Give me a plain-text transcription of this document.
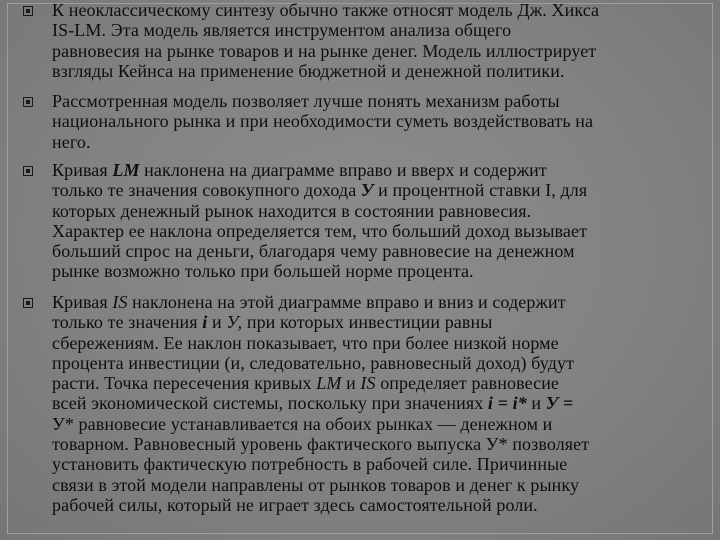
К неоклассическому синтезу обычно также относят модель Дж. Хикса
IS-LM. Эта модель является инструментом анализа общего
равновесия на рынке товаров и на рынке денег. Модель иллюстрирует
взгляды Кейнса на применение бюджетной и денежной политики.
Рассмотренная модель позволяет лучше понять механизм работы
национального рынка и при необходимости суметь воздействовать на
него.
Кривая LM наклонена на диаграмме вправо и вверх и содержит
только те значения совокупного дохода У и процентной ставки I, для
которых денежный рынок находится в состоянии равновесия.
Характер ее наклона определяется тем, что больший доход вызывает
больший спрос на деньги, благодаря чему равновесие на денежном
рынке возможно только при большей норме процента.
Кривая IS наклонена на этой диаграмме вправо и вниз и содержит
только те значения i и У, при которых инвестиции равны
сбережениям. Ее наклон показывает, что при более низкой норме
процента инвестиции (и, следовательно, равновесный доход) будут
расти. Точка пересечения кривых LM и IS определяет равновесие
всей экономической системы, поскольку при значениях i = i* и У =
У* равновесие устанавливается на обоих рынках — денежном и
товарном. Равновесный уровень фактического выпуска У* позволяет
установить фактическую потребность в рабочей силе. Причинные
связи в этой модели направлены от рынков товаров и денег к рынку
рабочей силы, который не играет здесь самостоятельной роли.
